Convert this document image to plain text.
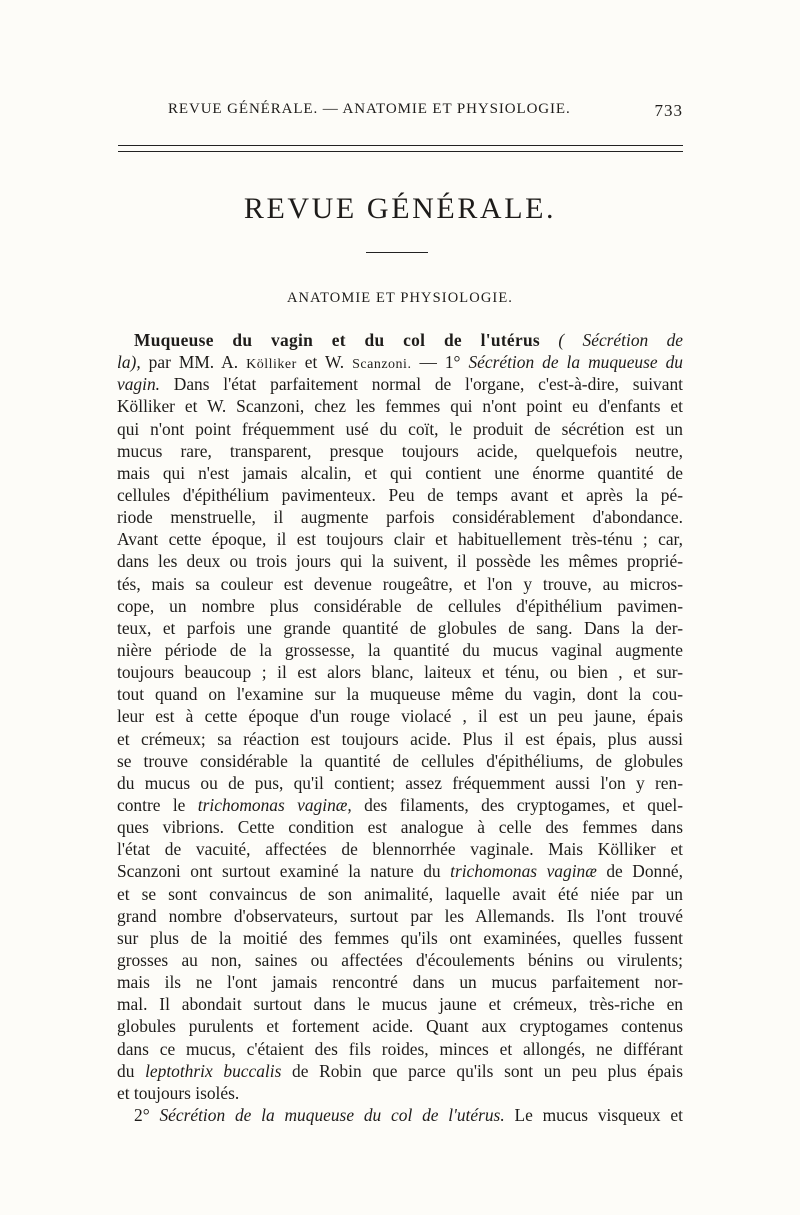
REVUE GÉNÉRALE. — ANATOMIE ET PHYSIOLOGIE.	733
REVUE GÉNÉRALE.
ANATOMIE ET PHYSIOLOGIE.
Muqueuse du vagin et du col de l'utérus ( Sécrétion de
la), par MM. A. Kölliker et W. Scanzoni. — 1° Sécrétion de la muqueuse du
vagin. Dans l'état parfaitement normal de l'organe, c'est-à-dire, suivant
Kölliker et W. Scanzoni, chez les femmes qui n'ont point eu d'enfants et
qui n'ont point fréquemment usé du coït, le produit de sécrétion est un
mucus rare, transparent, presque toujours acide, quelquefois neutre,
mais qui n'est jamais alcalin, et qui contient une énorme quantité de
cellules d'épithélium pavimenteux. Peu de temps avant et après la pé-
riode menstruelle, il augmente parfois considérablement d'abondance.
Avant cette époque, il est toujours clair et habituellement très-ténu ; car,
dans les deux ou trois jours qui la suivent, il possède les mêmes proprié-
tés, mais sa couleur est devenue rougeâtre, et l'on y trouve, au micros-
cope, un nombre plus considérable de cellules d'épithélium pavimen-
teux, et parfois une grande quantité de globules de sang. Dans la der-
nière période de la grossesse, la quantité du mucus vaginal augmente
toujours beaucoup ; il est alors blanc, laiteux et ténu, ou bien , et sur-
tout quand on l'examine sur la muqueuse même du vagin, dont la cou-
leur est à cette époque d'un rouge violacé , il est un peu jaune, épais
et crémeux; sa réaction est toujours acide. Plus il est épais, plus aussi
se trouve considérable la quantité de cellules d'épithéliums, de globules
du mucus ou de pus, qu'il contient; assez fréquemment aussi l'on y ren-
contre le trichomonas vaginæ, des filaments, des cryptogames, et quel-
ques vibrions. Cette condition est analogue à celle des femmes dans
l'état de vacuité, affectées de blennorrhée vaginale. Mais Kölliker et
Scanzoni ont surtout examiné la nature du trichomonas vaginæ de Donné,
et se sont convaincus de son animalité, laquelle avait été niée par un
grand nombre d'observateurs, surtout par les Allemands. Ils l'ont trouvé
sur plus de la moitié des femmes qu'ils ont examinées, quelles fussent
grosses au non, saines ou affectées d'écoulements bénins ou virulents;
mais ils ne l'ont jamais rencontré dans un mucus parfaitement nor-
mal. Il abondait surtout dans le mucus jaune et crémeux, très-riche en
globules purulents et fortement acide. Quant aux cryptogames contenus
dans ce mucus, c'étaient des fils roides, minces et allongés, ne différant
du leptothrix buccalis de Robin que parce qu'ils sont un peu plus épais
et toujours isolés.
2° Sécrétion de la muqueuse du col de l'utérus. Le mucus visqueux et
